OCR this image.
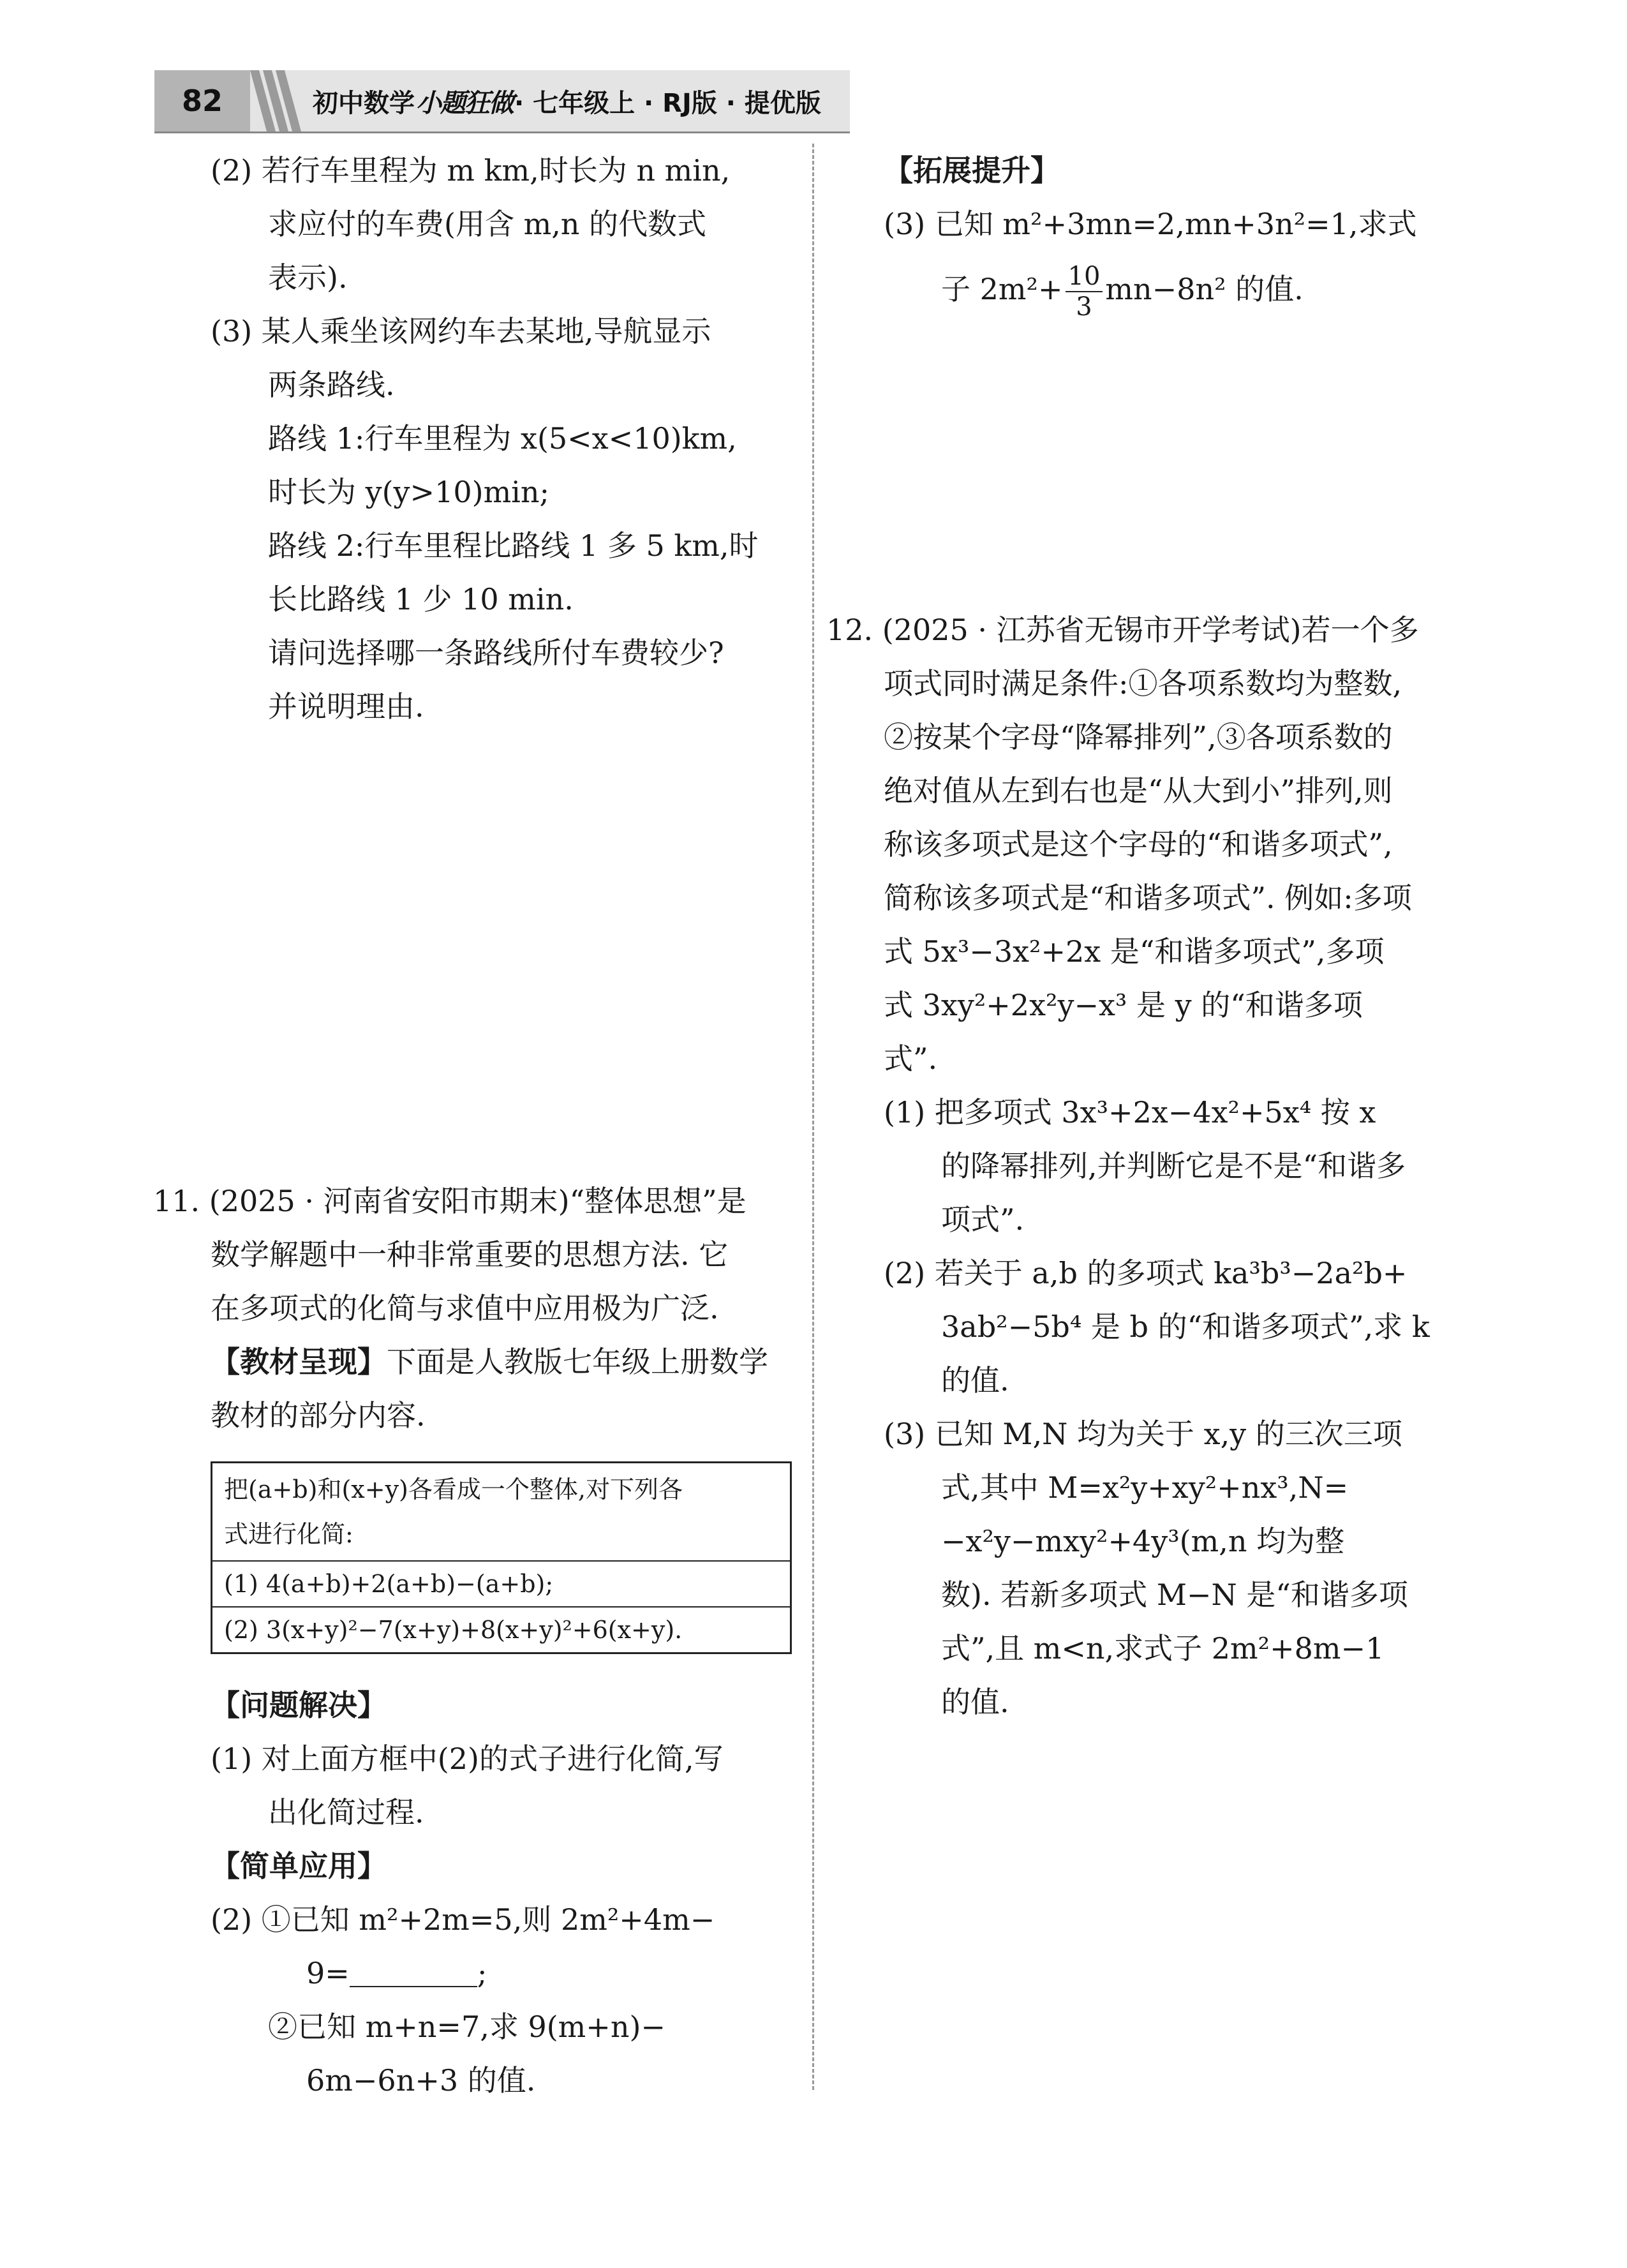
82	初中数学 小题狂做 · 七年级上 · RJ版 · 提优版

(2) 若行车里程为 m km,时长为 n min,

求应付的车费(用含 m,n 的代数式

表示).

(3) 某人乘坐该网约车去某地,导航显示

两条路线.

路线 1:行车里程为 x(5<x<10)km,

时长为 y(y>10)min;

路线 2:行车里程比路线 1 多 5 km,时

长比路线 1 少 10 min.

请问选择哪一条路线所付车费较少?

并说明理由.

11. (2025 · 河南省安阳市期末)“整体思想”是

数学解题中一种非常重要的思想方法. 它

在多项式的化简与求值中应用极为广泛.

【教材呈现】下面是人教版七年级上册数学

教材的部分内容.

把(a+b)和(x+y)各看成一个整体,对下列各
式进行化简:
(1) 4(a+b)+2(a+b)−(a+b);
(2) 3(x+y)²−7(x+y)+8(x+y)²+6(x+y).

【问题解决】

(1) 对上面方框中(2)的式子进行化简,写

出化简过程.

【简单应用】

(2) ①已知 m²+2m=5,则 2m²+4m−

9=	;

②已知 m+n=7,求 9(m+n)−

6m−6n+3 的值.

【拓展提升】

(3) 已知 m²+3mn=2,mn+3n²=1,求式

子 $2m^2+ \frac{10}{3} mn-8n^2$ 的值.

12. (2025 · 江苏省无锡市开学考试)若一个多

项式同时满足条件:①各项系数均为整数,

②按某个字母“降幂排列”,③各项系数的

绝对值从左到右也是“从大到小”排列,则

称该多项式是这个字母的“和谐多项式”,

简称该多项式是“和谐多项式”. 例如:多项

式 5x³−3x²+2x 是“和谐多项式”,多项

式 3xy²+2x²y−x³ 是 y 的“和谐多项

式”.

(1) 把多项式 3x³+2x−4x²+5x⁴ 按 x

的降幂排列,并判断它是不是“和谐多

项式”.

(2) 若关于 a,b 的多项式 ka³b³−2a²b+

3ab²−5b⁴ 是 b 的“和谐多项式”,求 k

的值.

(3) 已知 M,N 均为关于 x,y 的三次三项

式,其中 M=x²y+xy²+nx³,N=

−x²y−mxy²+4y³(m,n 均为整

数). 若新多项式 M−N 是“和谐多项

式”,且 m<n,求式子 2m²+8m−1

的值.
